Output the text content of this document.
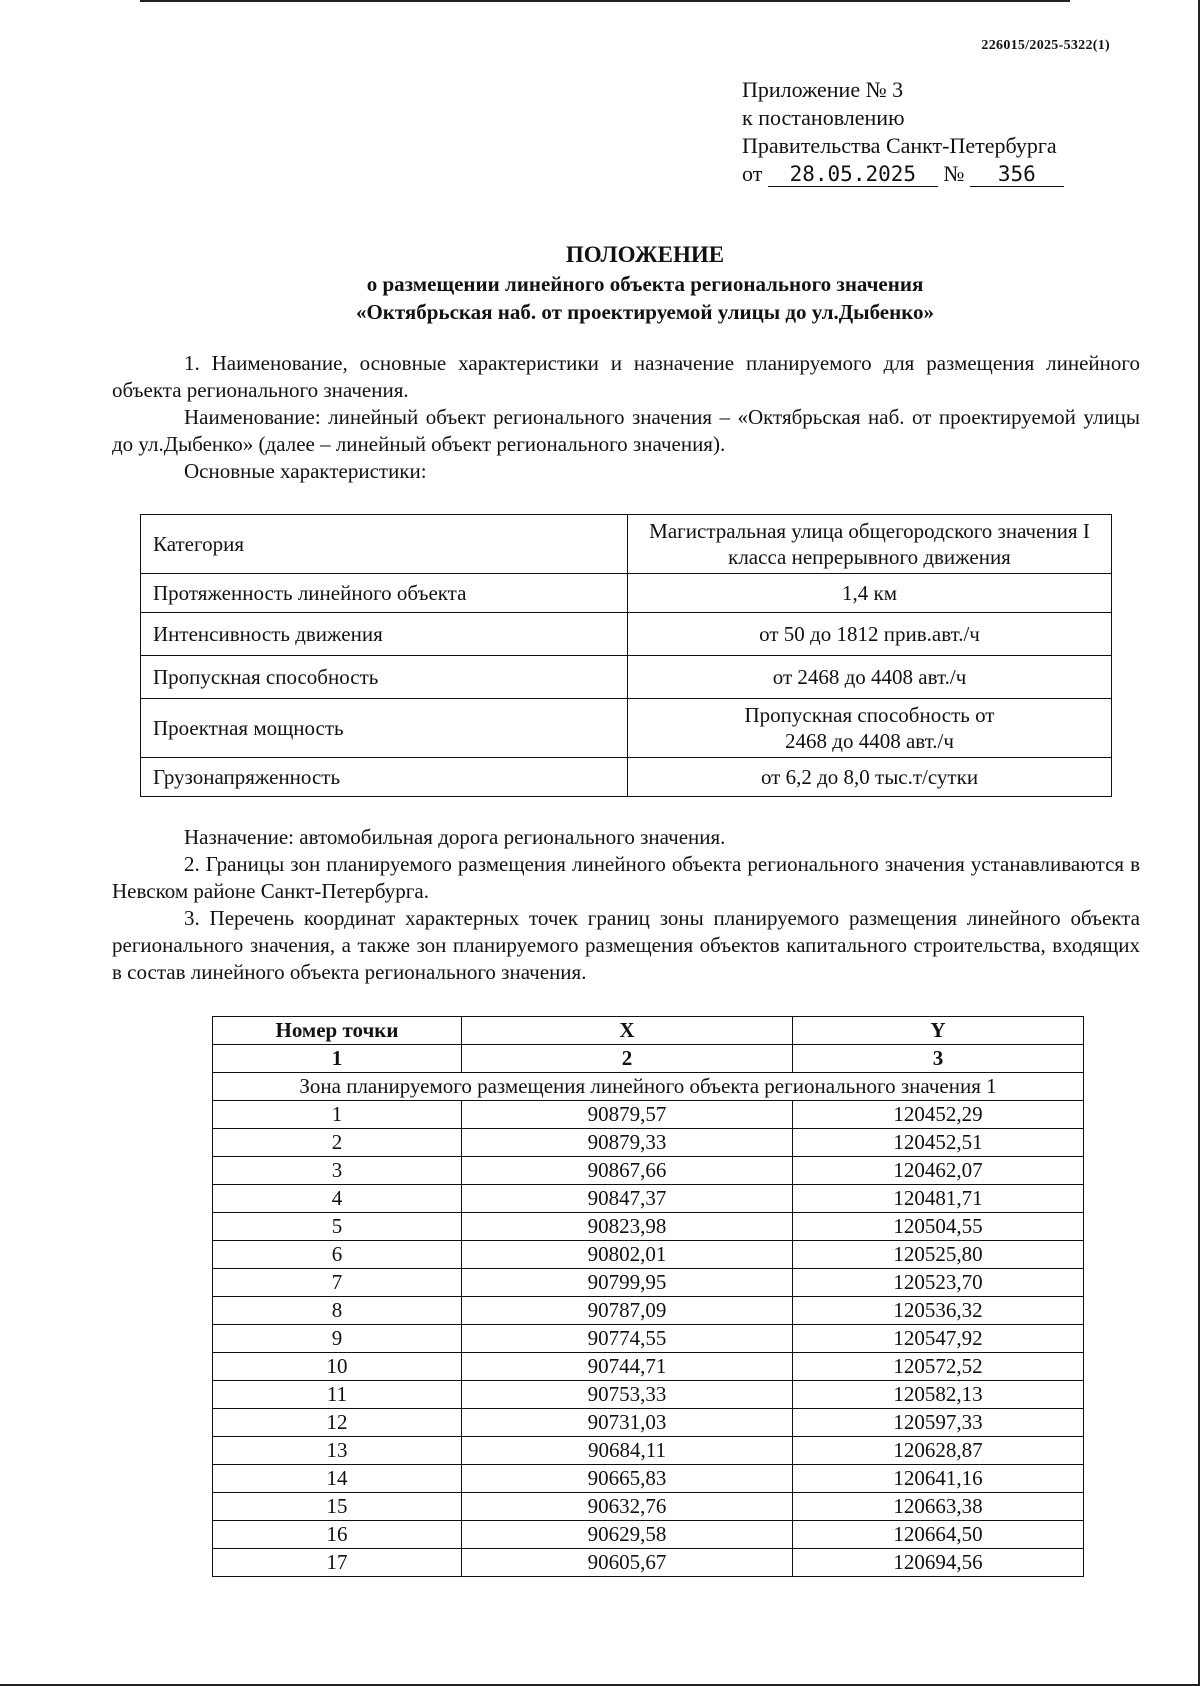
226015/2025-5322(1)
Приложение № 3
к постановлению
Правительства Санкт-Петербурга
от 28.05.2025 № 356
ПОЛОЖЕНИЕ
о размещении линейного объекта регионального значения
«Октябрьская наб. от проектируемой улицы до ул.Дыбенко»
1. Наименование, основные характеристики и назначение планируемого для размещения линейного объекта регионального значения.
Наименование: линейный объект регионального значения – «Октябрьская наб. от проектируемой улицы до ул.Дыбенко» (далее – линейный объект регионального значения).
Основные характеристики:
Категория	Магистральная улица общегородского значения I класса непрерывного движения
Протяженность линейного объекта	1,4 км
Интенсивность движения	от 50 до 1812 прив.авт./ч
Пропускная способность	от 2468 до 4408 авт./ч
Проектная мощность	Пропускная способность от 2468 до 4408 авт./ч
Грузонапряженность	от 6,2 до 8,0 тыс.т/сутки
Назначение: автомобильная дорога регионального значения.
2. Границы зон планируемого размещения линейного объекта регионального значения устанавливаются в Невском районе Санкт-Петербурга.
3. Перечень координат характерных точек границ зоны планируемого размещения линейного объекта регионального значения, а также зон планируемого размещения объектов капитального строительства, входящих в состав линейного объекта регионального значения.
Номер точки	X	Y
1	2	3
Зона планируемого размещения линейного объекта регионального значения 1		
1	90879,57	120452,29
2	90879,33	120452,51
3	90867,66	120462,07
4	90847,37	120481,71
5	90823,98	120504,55
6	90802,01	120525,80
7	90799,95	120523,70
8	90787,09	120536,32
9	90774,55	120547,92
10	90744,71	120572,52
11	90753,33	120582,13
12	90731,03	120597,33
13	90684,11	120628,87
14	90665,83	120641,16
15	90632,76	120663,38
16	90629,58	120664,50
17	90605,67	120694,56
